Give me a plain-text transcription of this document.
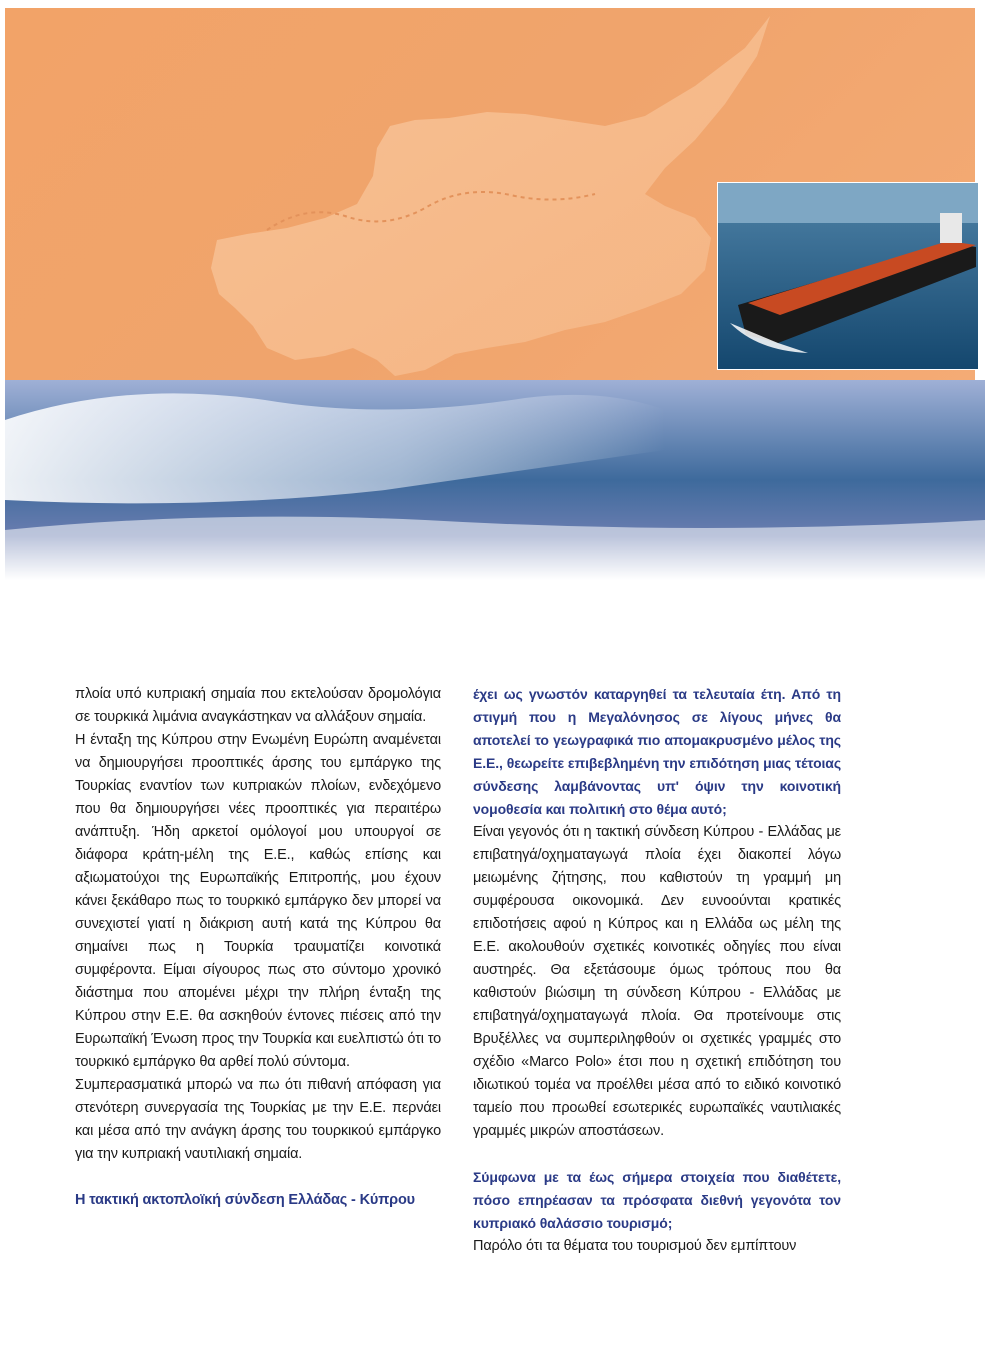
πλοία υπό κυπριακή σημαία που εκτελούσαν δρομολόγια σε τουρκικά λιμάνια αναγκάστηκαν να αλλάξουν σημαία.

Η ένταξη της Κύπρου στην Ενωμένη Ευρώπη αναμένεται να δημιουργήσει προοπτικές άρσης του εμπάργκο της Τουρκίας εναντίον των κυπριακών πλοίων, ενδεχόμενο που θα δημιουργήσει νέες προοπτικές για περαιτέρω ανάπτυξη. Ήδη αρκετοί ομόλογοί μου υπουργοί σε διάφορα κράτη-μέλη της Ε.Ε., καθώς επίσης και αξιωματούχοι της Ευρωπαϊκής Επιτροπής, μου έχουν κάνει ξεκάθαρο πως το τουρκικό εμπάργκο δεν μπορεί να συνεχιστεί γιατί η διάκριση αυτή κατά της Κύπρου θα σημαίνει πως η Τουρκία τραυματίζει κοινοτικά συμφέροντα. Είμαι σίγουρος πως στο σύντομο χρονικό διάστημα που απομένει μέχρι την πλήρη ένταξη της Κύπρου στην Ε.Ε. θα ασκηθούν έντονες πιέσεις από την Ευρωπαϊκή Ένωση προς την Τουρκία και ευελπιστώ ότι το τουρκικό εμπάργκο θα αρθεί πολύ σύντομα.

Συμπερασματικά μπορώ να πω ότι πιθανή απόφαση για στενότερη συνεργασία της Τουρκίας με την Ε.Ε. περνάει και μέσα από την ανάγκη άρσης του τουρκικού εμπάργκο για την κυπριακή ναυτιλιακή σημαία.

Η τακτική ακτοπλοϊκή σύνδεση Ελλάδας - Κύπρου

έχει ως γνωστόν καταργηθεί τα τελευταία έτη. Από τη στιγμή που η Μεγαλόνησος σε λίγους μήνες θα αποτελεί το γεωγραφικά πιο απομακρυσμένο μέλος της Ε.Ε., θεωρείτε επιβεβλημένη την επιδότηση μιας τέτοιας σύνδεσης λαμβάνοντας υπ' όψιν την κοινοτική νομοθεσία και πολιτική στο θέμα αυτό;

Είναι γεγονός ότι η τακτική σύνδεση Κύπρου - Ελλάδας με επιβατηγά/οχηματαγωγά πλοία έχει διακοπεί λόγω μειωμένης ζήτησης, που καθιστούν τη γραμμή μη συμφέρουσα οικονομικά. Δεν ευνοούνται κρατικές επιδοτήσεις αφού η Κύπρος και η Ελλάδα ως μέλη της Ε.Ε. ακολουθούν σχετικές κοινοτικές οδηγίες που είναι αυστηρές. Θα εξετάσουμε όμως τρόπους που θα καθιστούν βιώσιμη τη σύνδεση Κύπρου - Ελλάδας με επιβατηγά/οχηματαγωγά πλοία. Θα προτείνουμε στις Βρυξέλλες να συμπεριληφθούν οι σχετικές γραμμές στο σχέδιο «Marco Polo» έτσι που η σχετική επιδότηση του ιδιωτικού τομέα να προέλθει μέσα από το ειδικό κοινοτικό ταμείο που προωθεί εσωτερικές ευρωπαϊκές ναυτιλιακές γραμμές μικρών αποστάσεων.

Σύμφωνα με τα έως σήμερα στοιχεία που διαθέτετε, πόσο επηρέασαν τα πρόσφατα διεθνή γεγονότα τον κυπριακό θαλάσσιο τουρισμό;

Παρόλο ότι τα θέματα του τουρισμού δεν εμπίπτουν
